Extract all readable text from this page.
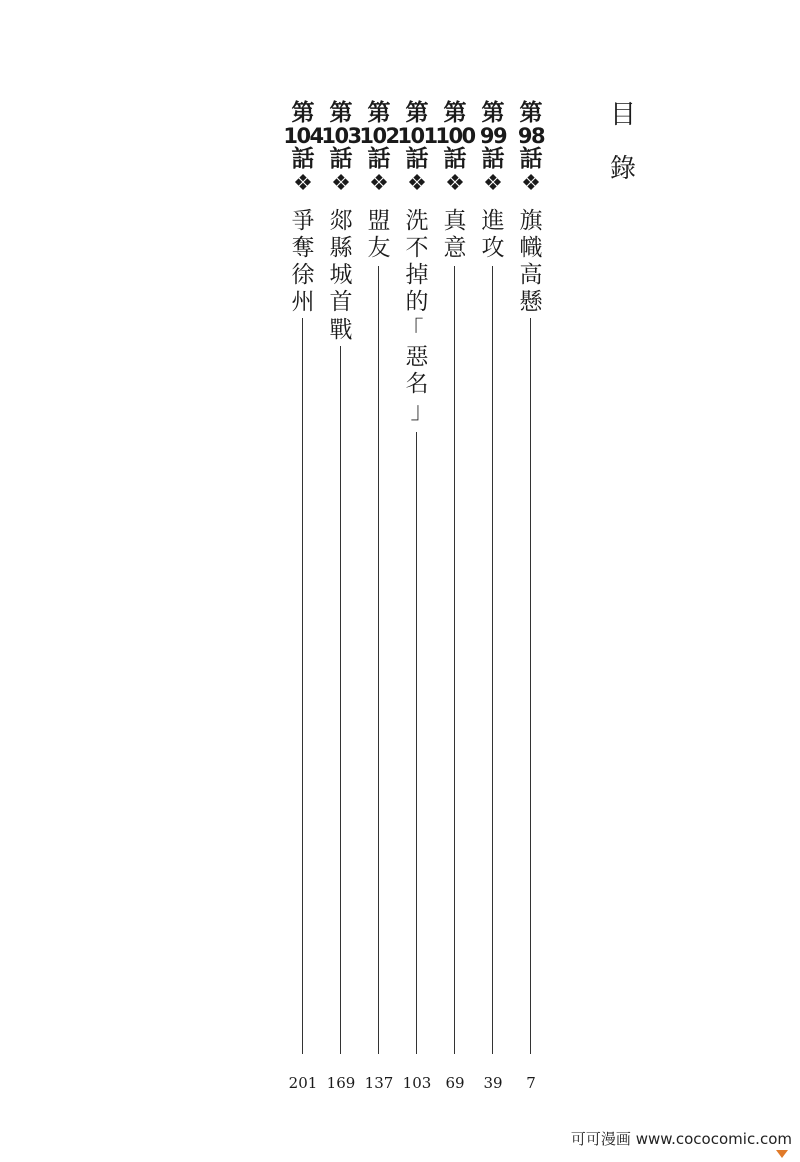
目
錄
第
98
話
❖
旗
幟
高
懸
7
第
99
話
❖
進
攻
39
第
100
話
❖
真
意
69
第
101
話
❖
洗
不
掉
的
「
惡
名
」
103
第
102
話
❖
盟
友
137
第
103
話
❖
郯
縣
城
首
戰
169
第
104
話
❖
爭
奪
徐
州
201
可可漫画 www.cococomic.com
